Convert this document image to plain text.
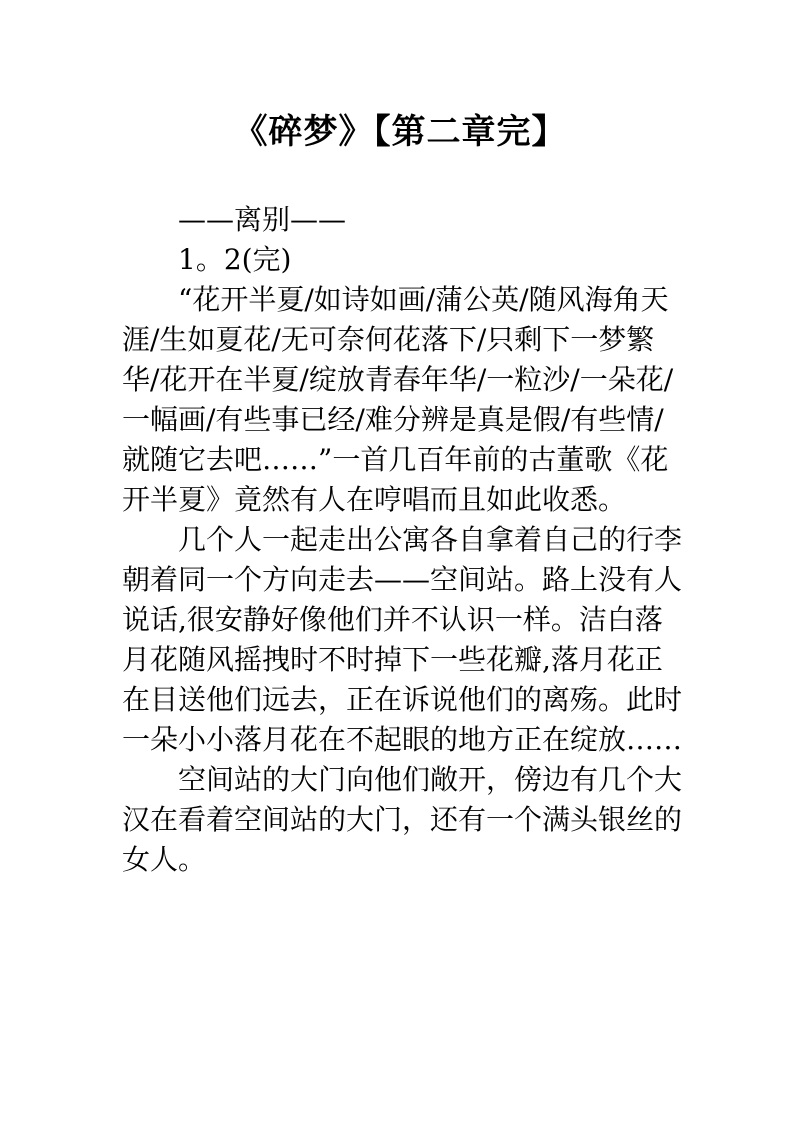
《碎梦》【第二章完】

——离别——

1。2(完)

“花开半夏/如诗如画/蒲公英/随风海角天涯/生如夏花/无可奈何花落下/只剩下一梦繁华/花开在半夏/绽放青春年华/一粒沙/一朵花/一幅画/有些事已经/难分辨是真是假/有些情/就随它去吧……”一首几百年前的古董歌《花开半夏》竟然有人在哼唱而且如此收悉。

几个人一起走出公寓各自拿着自己的行李朝着同一个方向走去——空间站。路上没有人说话,很安静好像他们并不认识一样。洁白落月花随风摇拽时不时掉下一些花瓣,落月花正在目送他们远去，正在诉说他们的离殇。此时一朵小小落月花在不起眼的地方正在绽放……

空间站的大门向他们敞开，傍边有几个大汉在看着空间站的大门，还有一个满头银丝的女人。
